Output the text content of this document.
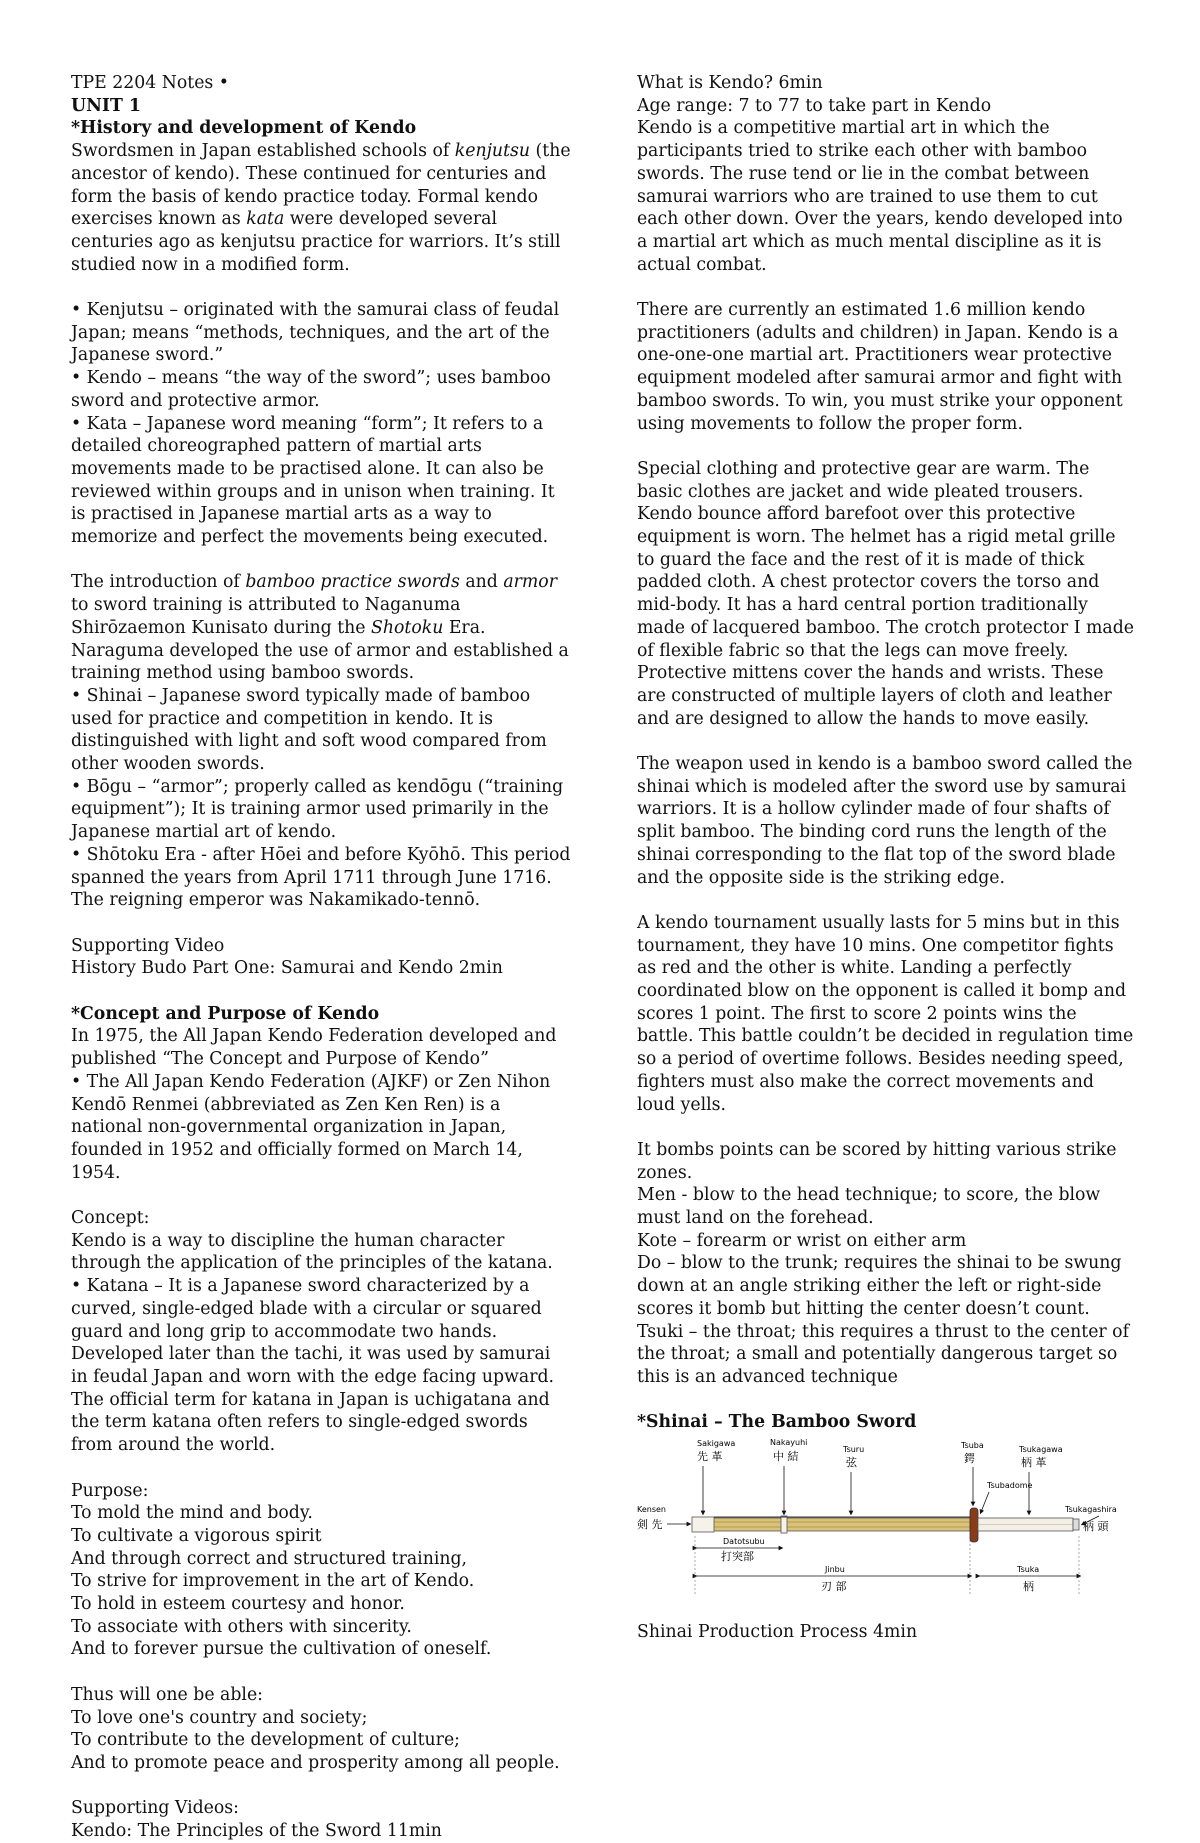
TPE 2204 Notes •

UNIT 1

*History and development of Kendo

Swordsmen in Japan established schools of kenjutsu (the ancestor of kendo). These continued for centuries and form the basis of kendo practice today. Formal kendo exercises known as kata were developed several centuries ago as kenjutsu practice for warriors. It’s still studied now in a modified form.

• Kenjutsu – originated with the samurai class of feudal Japan; means “methods, techniques, and the art of the Japanese sword.”

• Kendo – means “the way of the sword”; uses bamboo sword and protective armor.

• Kata – Japanese word meaning “form”; It refers to a detailed choreographed pattern of martial arts movements made to be practised alone. It can also be reviewed within groups and in unison when training. It is practised in Japanese martial arts as a way to memorize and perfect the movements being executed.

The introduction of bamboo practice swords and armor to sword training is attributed to Naganuma Shirōzaemon Kunisato during the Shotoku Era. Naraguma developed the use of armor and established a training method using bamboo swords.

• Shinai – Japanese sword typically made of bamboo used for practice and competition in kendo. It is distinguished with light and soft wood compared from other wooden swords.

• Bōgu – “armor”; properly called as kendōgu (“training equipment”); It is training armor used primarily in the Japanese martial art of kendo.

• Shōtoku Era - after Hōei and before Kyōhō. This period spanned the years from April 1711 through June 1716. The reigning emperor was Nakamikado-tennō.

Supporting Video

History Budo Part One: Samurai and Kendo 2min

*Concept and Purpose of Kendo

In 1975, the All Japan Kendo Federation developed and published “The Concept and Purpose of Kendo”

• The All Japan Kendo Federation (AJKF) or Zen Nihon Kendō Renmei (abbreviated as Zen Ken Ren) is a national non-governmental organization in Japan, founded in 1952 and officially formed on March 14, 1954.

Concept:

Kendo is a way to discipline the human character through the application of the principles of the katana.

• Katana – It is a Japanese sword characterized by a curved, single-edged blade with a circular or squared guard and long grip to accommodate two hands. Developed later than the tachi, it was used by samurai in feudal Japan and worn with the edge facing upward. The official term for katana in Japan is uchigatana and the term katana often refers to single-edged swords from around the world.

Purpose:

To mold the mind and body.

To cultivate a vigorous spirit

And through correct and structured training,

To strive for improvement in the art of Kendo.

To hold in esteem courtesy and honor.

To associate with others with sincerity.

And to forever pursue the cultivation of oneself.

Thus will one be able:

To love one's country and society;

To contribute to the development of culture;

And to promote peace and prosperity among all people.

Supporting Videos:

Kendo: The Principles of the Sword 11min

What is Kendo? 6min

Age range: 7 to 77 to take part in Kendo

Kendo is a competitive martial art in which the participants tried to strike each other with bamboo swords. The ruse tend or lie in the combat between samurai warriors who are trained to use them to cut each other down. Over the years, kendo developed into a martial art which as much mental discipline as it is actual combat.

There are currently an estimated 1.6 million kendo practitioners (adults and children) in Japan. Kendo is a one-one-one martial art. Practitioners wear protective equipment modeled after samurai armor and fight with bamboo swords. To win, you must strike your opponent using movements to follow the proper form.

Special clothing and protective gear are warm. The basic clothes are jacket and wide pleated trousers. Kendo bounce afford barefoot over this protective equipment is worn. The helmet has a rigid metal grille to guard the face and the rest of it is made of thick padded cloth. A chest protector covers the torso and mid-body. It has a hard central portion traditionally made of lacquered bamboo. The crotch protector I made of flexible fabric so that the legs can move freely. Protective mittens cover the hands and wrists. These are constructed of multiple layers of cloth and leather and are designed to allow the hands to move easily.

The weapon used in kendo is a bamboo sword called the shinai which is modeled after the sword use by samurai warriors. It is a hollow cylinder made of four shafts of split bamboo. The binding cord runs the length of the shinai corresponding to the flat top of the sword blade and the opposite side is the striking edge.

A kendo tournament usually lasts for 5 mins but in this tournament, they have 10 mins. One competitor fights as red and the other is white. Landing a perfectly coordinated blow on the opponent is called it bomp and scores 1 point. The first to score 2 points wins the battle. This battle couldn’t be decided in regulation time so a period of overtime follows. Besides needing speed, fighters must also make the correct movements and loud yells.

It bombs points can be scored by hitting various strike zones.

Men - blow to the head technique; to score, the blow must land on the forehead.

Kote – forearm or wrist on either arm

Do – blow to the trunk; requires the shinai to be swung down at an angle striking either the left or right-side scores it bomb but hitting the center doesn’t count.

Tsuki – the throat; this requires a thrust to the center of the throat; a small and potentially dangerous target so this is an advanced technique

*Shinai – The Bamboo Sword

Sakigawa
先 革
Nakayuhi
中 結
Tsuru
弦
Tsuba
鍔
Tsukagawa
柄 革
Tsubadome
Kensen
剣 先
Tsukagashira
柄 頭
Datotsubu
打突部
Jinbu
刃 部
Tsuka
柄

Shinai Production Process 4min
